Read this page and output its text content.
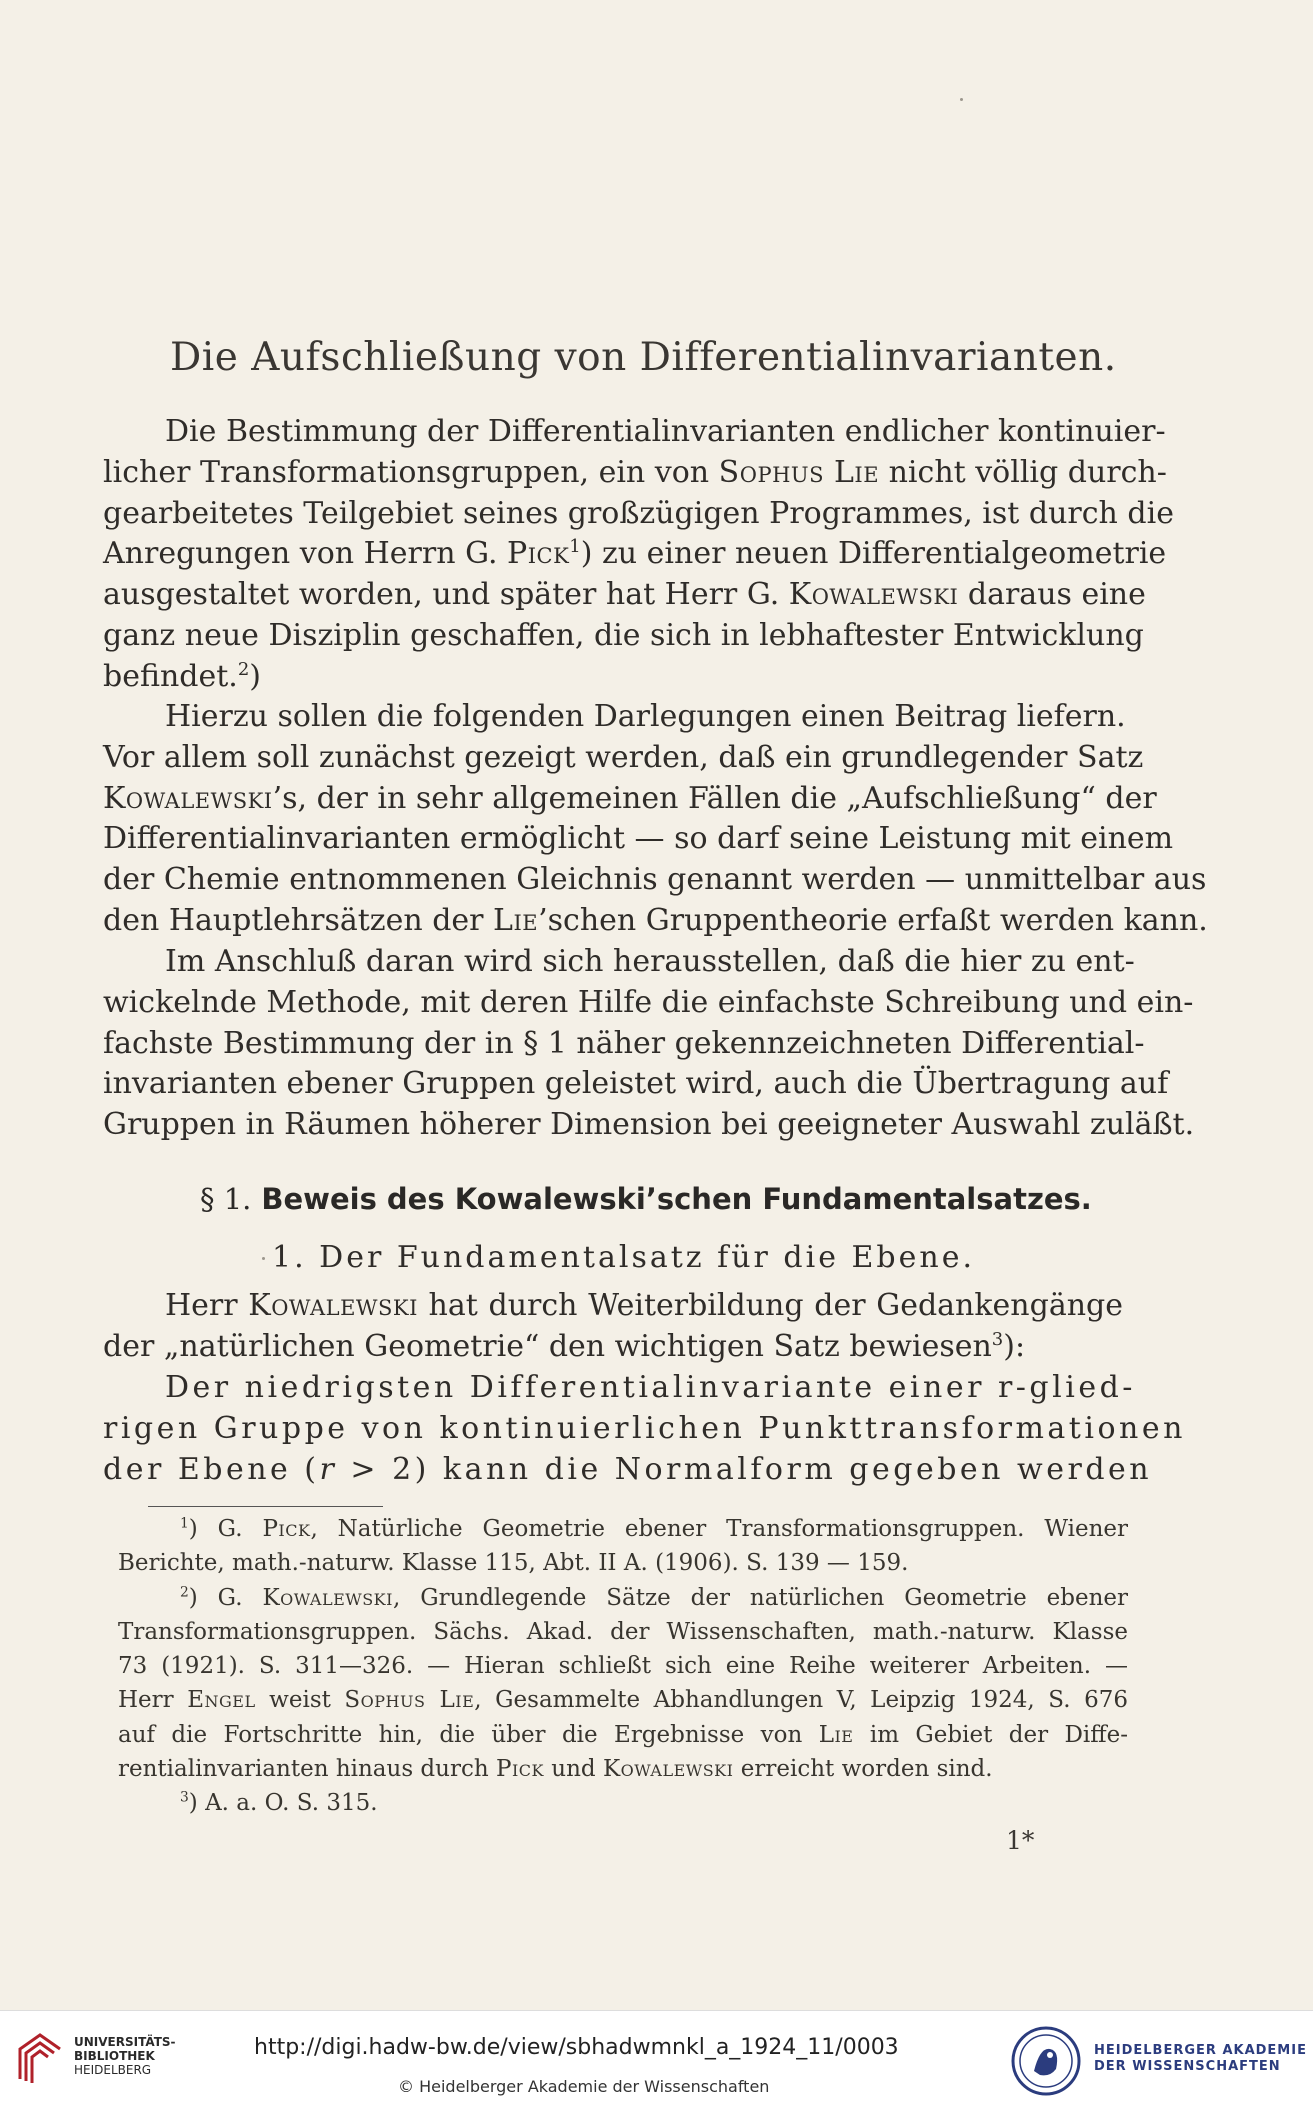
Die Aufschließung von Differentialinvarianten.
Die Bestimmung der Differentialinvarianten endlicher kontinuier-
licher Transformationsgruppen, ein von Sophus Lie nicht völlig durch-
gearbeitetes Teilgebiet seines großzügigen Programmes, ist durch die
Anregungen von Herrn G. Pick$^1$) zu einer neuen Differentialgeometrie
ausgestaltet worden, und später hat Herr G. Kowalewski daraus eine
ganz neue Disziplin geschaffen, die sich in lebhaftester Entwicklung
befindet.$^2$)
Hierzu sollen die folgenden Darlegungen einen Beitrag liefern.
Vor allem soll zunächst gezeigt werden, daß ein grundlegender Satz
Kowalewski’s, der in sehr allgemeinen Fällen die „Aufschließung“ der
Differentialinvarianten ermöglicht — so darf seine Leistung mit einem
der Chemie entnommenen Gleichnis genannt werden — unmittelbar aus
den Hauptlehrsätzen der Lie’schen Gruppentheorie erfaßt werden kann.
Im Anschluß daran wird sich herausstellen, daß die hier zu ent-
wickelnde Methode, mit deren Hilfe die einfachste Schreibung und ein-
fachste Bestimmung der in § 1 näher gekennzeichneten Differential-
invarianten ebener Gruppen geleistet wird, auch die Übertragung auf
Gruppen in Räumen höherer Dimension bei geeigneter Auswahl zuläßt.
§ 1. Beweis des Kowalewski’schen Fundamentalsatzes.
1. Der Fundamentalsatz für die Ebene.
Herr Kowalewski hat durch Weiterbildung der Gedankengänge
der „natürlichen Geometrie“ den wichtigen Satz bewiesen$^3$):
Der niedrigsten Differentialinvariante einer r-glied-
rigen Gruppe von kontinuierlichen Punkttransformationen
der Ebene (r > 2) kann die Normalform gegeben werden
$^1$) G. Pick, Natürliche Geometrie ebener Transformationsgruppen. Wiener
Berichte, math.-naturw. Klasse 115, Abt. II A. (1906). S. 139 — 159.
$^2$) G. Kowalewski, Grundlegende Sätze der natürlichen Geometrie ebener
Transformationsgruppen. Sächs. Akad. der Wissenschaften, math.-naturw. Klasse
73 (1921). S. 311—326. — Hieran schließt sich eine Reihe weiterer Arbeiten. —
Herr Engel weist Sophus Lie, Gesammelte Abhandlungen V, Leipzig 1924, S. 676
auf die Fortschritte hin, die über die Ergebnisse von Lie im Gebiet der Diffe-
rentialinvarianten hinaus durch Pick und Kowalewski erreicht worden sind.
$^3$) A. a. O. S. 315.
1*
UNIVERSITÄTS-
BIBLIOTHEK
HEIDELBERG
http://digi.hadw-bw.de/view/sbhadwmnkl_a_1924_11/0003
© Heidelberger Akademie der Wissenschaften
HEIDELBERGER AKADEMIE
DER WISSENSCHAFTEN
